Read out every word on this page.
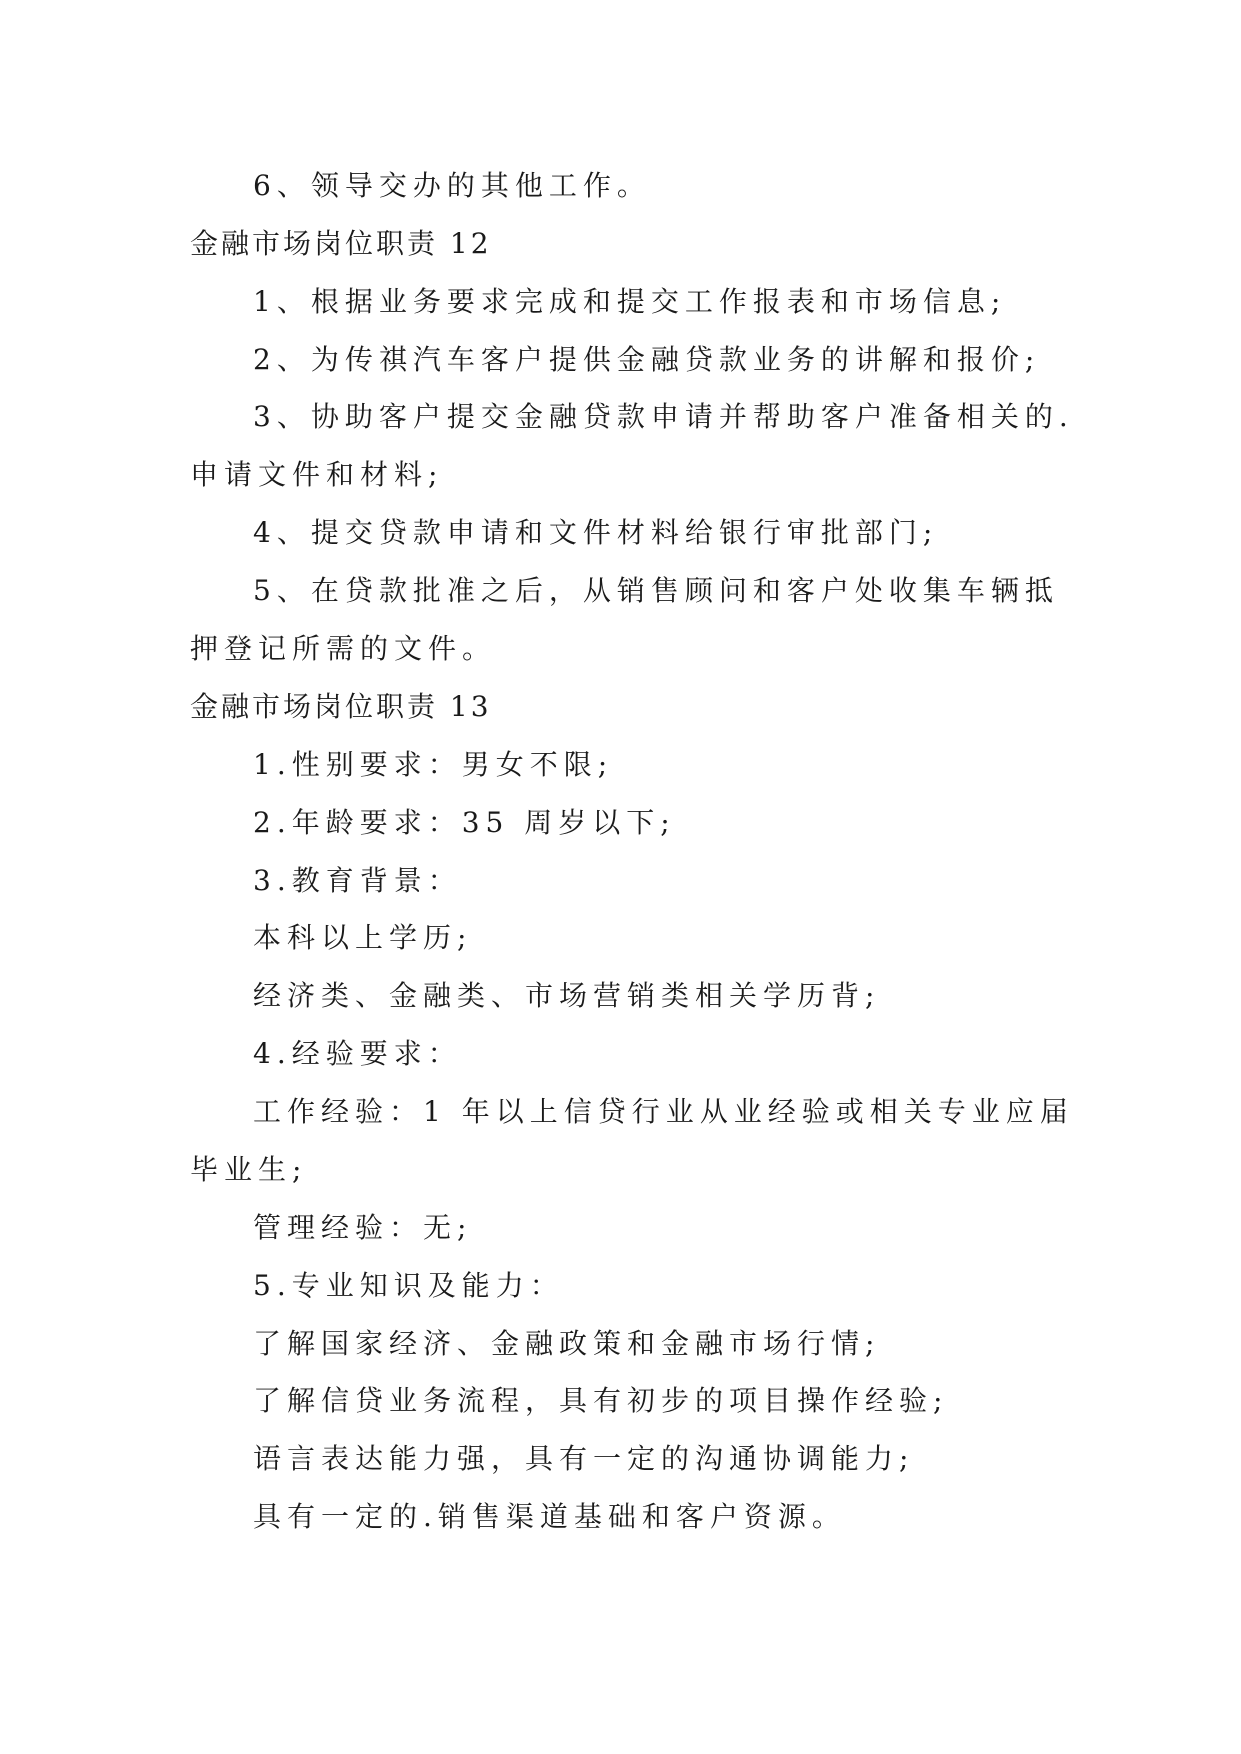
6、领导交办的其他工作。
金融市场岗位职责 12
1、根据业务要求完成和提交工作报表和市场信息;
2、为传祺汽车客户提供金融贷款业务的讲解和报价;
3、协助客户提交金融贷款申请并帮助客户准备相关的.
申请文件和材料;
4、提交贷款申请和文件材料给银行审批部门;
5、在贷款批准之后，从销售顾问和客户处收集车辆抵
押登记所需的文件。
金融市场岗位职责 13
1.性别要求：男女不限;
2.年龄要求：35 周岁以下;
3.教育背景：
本科以上学历;
经济类、金融类、市场营销类相关学历背;
4.经验要求：
工作经验：1 年以上信贷行业从业经验或相关专业应届
毕业生;
管理经验：无;
5.专业知识及能力：
了解国家经济、金融政策和金融市场行情;
了解信贷业务流程，具有初步的项目操作经验;
语言表达能力强，具有一定的沟通协调能力;
具有一定的.销售渠道基础和客户资源。
